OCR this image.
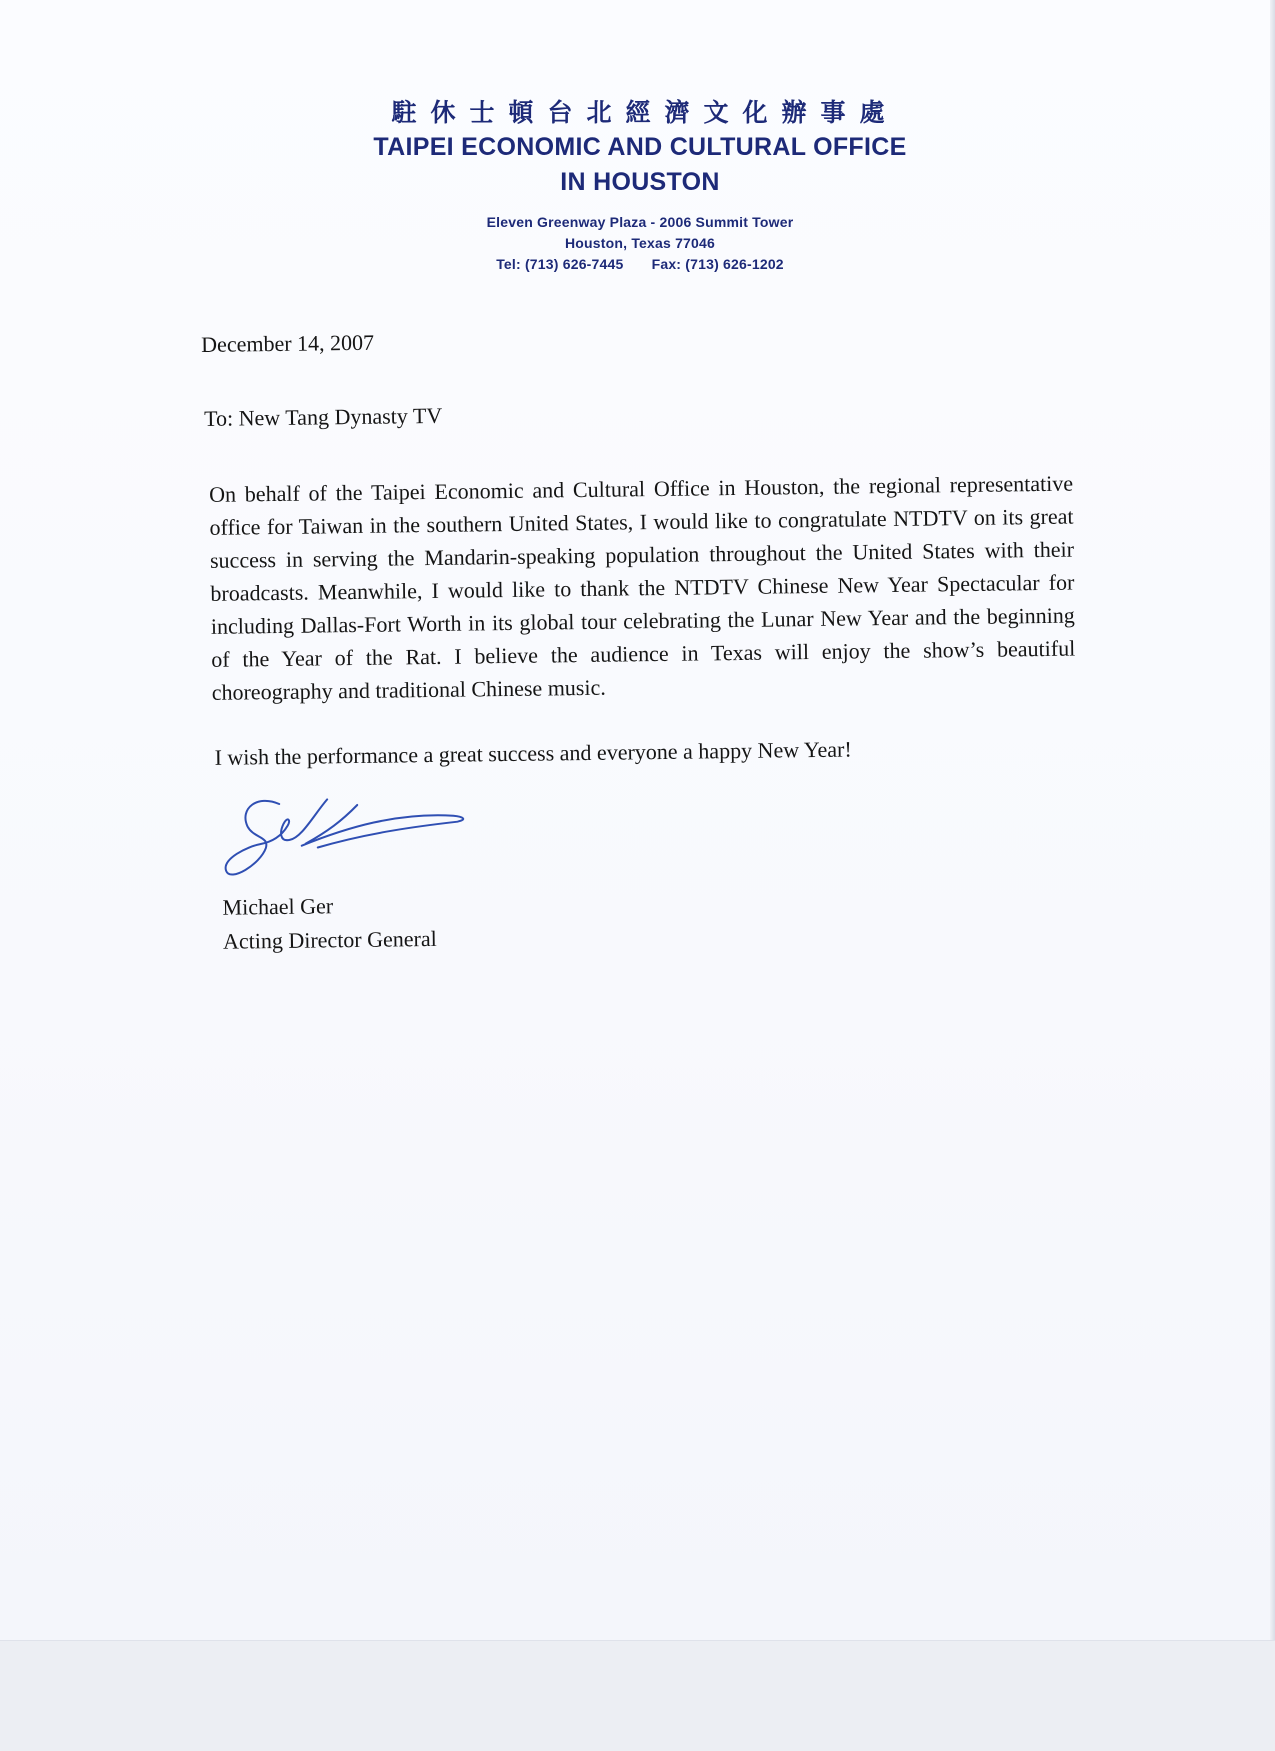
駐休士頓台北經濟文化辦事處
TAIPEI ECONOMIC AND CULTURAL OFFICE
IN HOUSTON
Eleven Greenway Plaza - 2006 Summit Tower
Houston, Texas 77046
Tel: (713) 626-7445 Fax: (713) 626-1202

December 14, 2007

To: New Tang Dynasty TV

On behalf of the Taipei Economic and Cultural Office in Houston, the regional representative office for Taiwan in the southern United States, I would like to congratulate NTDTV on its great success in serving the Mandarin-speaking population throughout the United States with their broadcasts. Meanwhile, I would like to thank the NTDTV Chinese New Year Spectacular for including Dallas-Fort Worth in its global tour celebrating the Lunar New Year and the beginning of the Year of the Rat. I believe the audience in Texas will enjoy the show’s beautiful choreography and traditional Chinese music.

I wish the performance a great success and everyone a happy New Year!

Michael Ger
Acting Director General
